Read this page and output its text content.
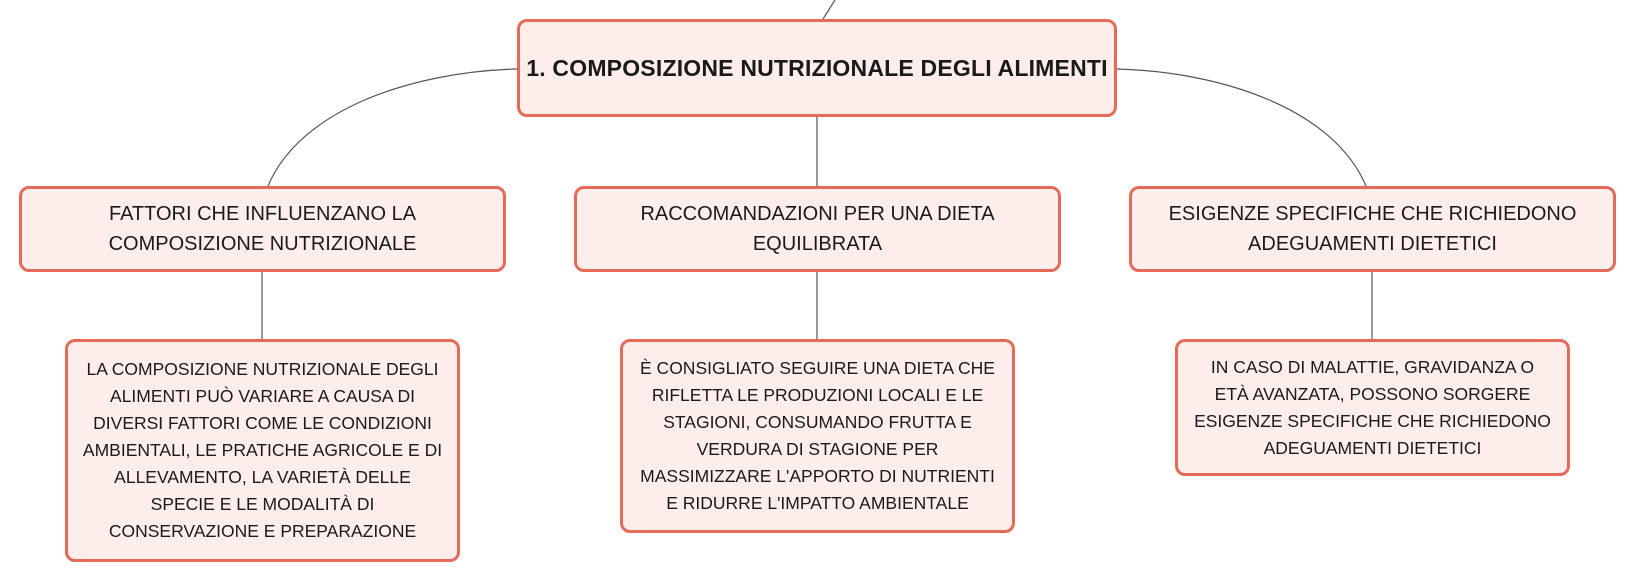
1. COMPOSIZIONE NUTRIZIONALE DEGLI ALIMENTI
FATTORI CHE INFLUENZANO LA COMPOSIZIONE NUTRIZIONALE
RACCOMANDAZIONI PER UNA DIETA EQUILIBRATA
ESIGENZE SPECIFICHE CHE RICHIEDONO ADEGUAMENTI DIETETICI
LA COMPOSIZIONE NUTRIZIONALE DEGLI ALIMENTI PUÒ VARIARE A CAUSA DI DIVERSI FATTORI COME LE CONDIZIONI AMBIENTALI, LE PRATICHE AGRICOLE E DI ALLEVAMENTO, LA VARIETÀ DELLE SPECIE E LE MODALITÀ DI CONSERVAZIONE E PREPARAZIONE
È CONSIGLIATO SEGUIRE UNA DIETA CHE RIFLETTA LE PRODUZIONI LOCALI E LE STAGIONI, CONSUMANDO FRUTTA E VERDURA DI STAGIONE PER MASSIMIZZARE L'APPORTO DI NUTRIENTI E RIDURRE L'IMPATTO AMBIENTALE
IN CASO DI MALATTIE, GRAVIDANZA O ETÀ AVANZATA, POSSONO SORGERE ESIGENZE SPECIFICHE CHE RICHIEDONO ADEGUAMENTI DIETETICI
